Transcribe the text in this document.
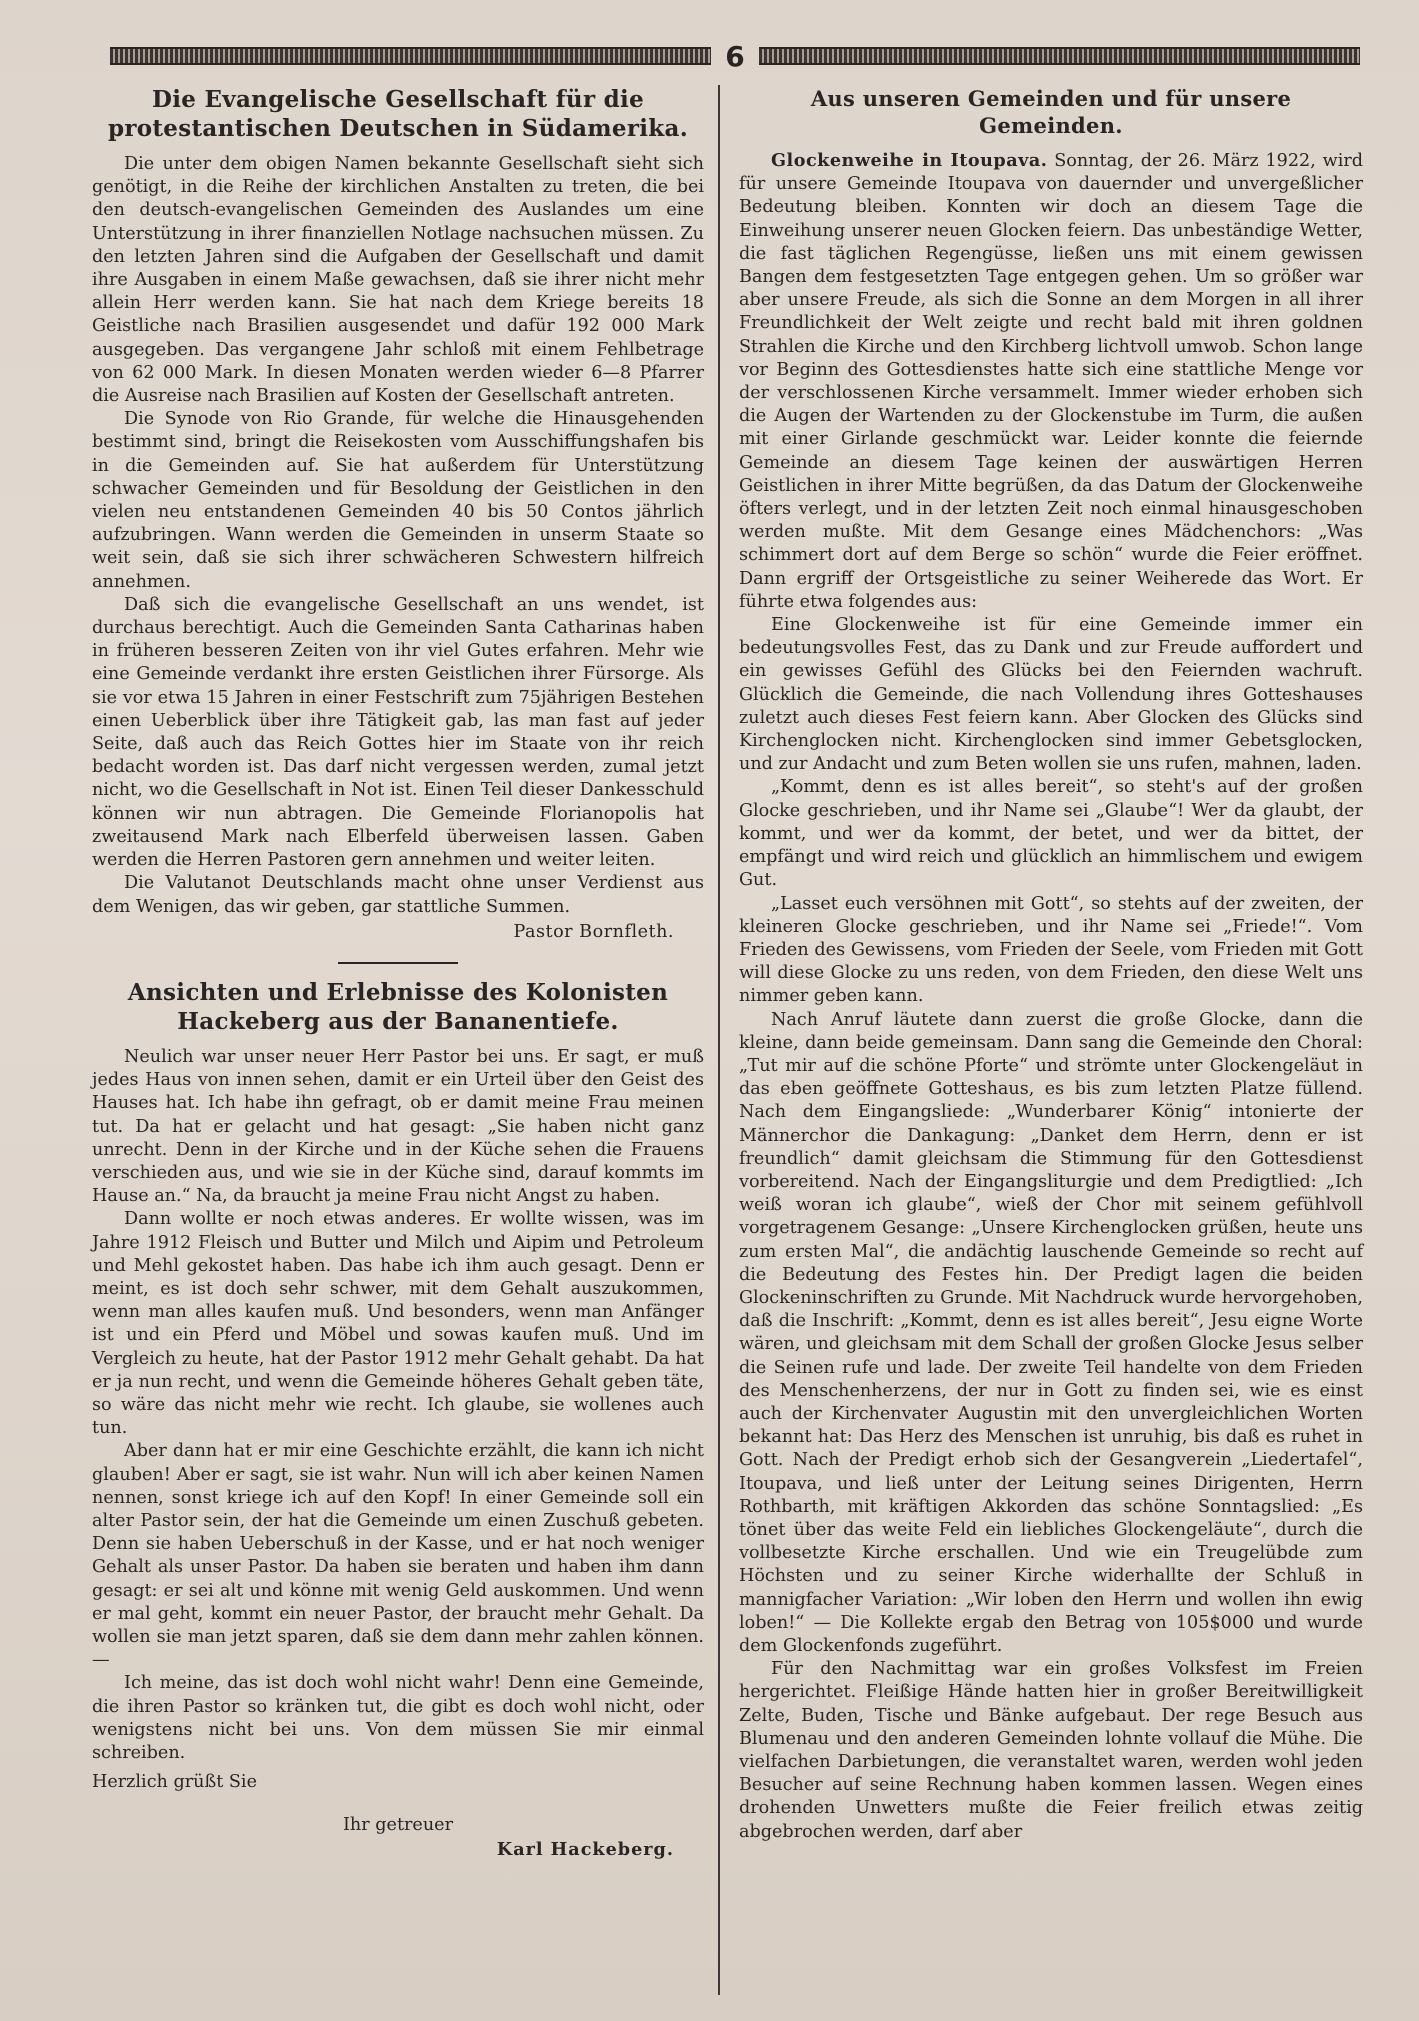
6
Die Evangelische Gesellschaft für die protestantischen Deutschen in Südamerika.

Die unter dem obigen Namen bekannte Gesellschaft sieht sich genötigt, in die Reihe der kirchlichen Anstalten zu treten, die bei den deutsch-evangelischen Gemeinden des Auslandes um eine Unterstützung in ihrer finanziellen Notlage nachsuchen müssen. Zu den letzten Jahren sind die Aufgaben der Gesellschaft und damit ihre Ausgaben in einem Maße gewachsen, daß sie ihrer nicht mehr allein Herr werden kann. Sie hat nach dem Kriege bereits 18 Geistliche nach Brasilien ausgesendet und dafür 192 000 Mark ausgegeben. Das vergangene Jahr schloß mit einem Fehlbetrage von 62 000 Mark. In diesen Monaten werden wieder 6—8 Pfarrer die Ausreise nach Brasilien auf Kosten der Gesellschaft antreten.

Die Synode von Rio Grande, für welche die Hinausgehenden bestimmt sind, bringt die Reisekosten vom Ausschiffungshafen bis in die Gemeinden auf. Sie hat außerdem für Unterstützung schwacher Gemeinden und für Besoldung der Geistlichen in den vielen neu entstandenen Gemeinden 40 bis 50 Contos jährlich aufzubringen. Wann werden die Gemeinden in unserm Staate so weit sein, daß sie sich ihrer schwächeren Schwestern hilfreich annehmen.

Daß sich die evangelische Gesellschaft an uns wendet, ist durchaus berechtigt. Auch die Gemeinden Santa Catharinas haben in früheren besseren Zeiten von ihr viel Gutes erfahren. Mehr wie eine Gemeinde verdankt ihre ersten Geistlichen ihrer Fürsorge. Als sie vor etwa 15 Jahren in einer Festschrift zum 75jährigen Bestehen einen Ueberblick über ihre Tätigkeit gab, las man fast auf jeder Seite, daß auch das Reich Gottes hier im Staate von ihr reich bedacht worden ist. Das darf nicht vergessen werden, zumal jetzt nicht, wo die Gesellschaft in Not ist. Einen Teil dieser Dankesschuld können wir nun abtragen. Die Gemeinde Florianopolis hat zweitausend Mark nach Elberfeld überweisen lassen. Gaben werden die Herren Pastoren gern annehmen und weiter leiten.

Die Valutanot Deutschlands macht ohne unser Verdienst aus dem Wenigen, das wir geben, gar stattliche Summen.

Pastor Bornfleth.
Ansichten und Erlebnisse des Kolonisten Hackeberg aus der Bananentiefe.

Neulich war unser neuer Herr Pastor bei uns. Er sagt, er muß jedes Haus von innen sehen, damit er ein Urteil über den Geist des Hauses hat. Ich habe ihn gefragt, ob er damit meine Frau meinen tut. Da hat er gelacht und hat gesagt: „Sie haben nicht ganz unrecht. Denn in der Kirche und in der Küche sehen die Frauens verschieden aus, und wie sie in der Küche sind, darauf kommts im Hause an.“ Na, da braucht ja meine Frau nicht Angst zu haben.

Dann wollte er noch etwas anderes. Er wollte wissen, was im Jahre 1912 Fleisch und Butter und Milch und Aipim und Petroleum und Mehl gekostet haben. Das habe ich ihm auch gesagt. Denn er meint, es ist doch sehr schwer, mit dem Gehalt auszukommen, wenn man alles kaufen muß. Und besonders, wenn man Anfänger ist und ein Pferd und Möbel und sowas kaufen muß. Und im Vergleich zu heute, hat der Pastor 1912 mehr Gehalt gehabt. Da hat er ja nun recht, und wenn die Gemeinde höheres Gehalt geben täte, so wäre das nicht mehr wie recht. Ich glaube, sie wollenes auch tun.

Aber dann hat er mir eine Geschichte erzählt, die kann ich nicht glauben! Aber er sagt, sie ist wahr. Nun will ich aber keinen Namen nennen, sonst kriege ich auf den Kopf! In einer Gemeinde soll ein alter Pastor sein, der hat die Gemeinde um einen Zuschuß gebeten. Denn sie haben Ueberschuß in der Kasse, und er hat noch weniger Gehalt als unser Pastor. Da haben sie beraten und haben ihm dann gesagt: er sei alt und könne mit wenig Geld auskommen. Und wenn er mal geht, kommt ein neuer Pastor, der braucht mehr Gehalt. Da wollen sie man jetzt sparen, daß sie dem dann mehr zahlen können. —

Ich meine, das ist doch wohl nicht wahr! Denn eine Gemeinde, die ihren Pastor so kränken tut, die gibt es doch wohl nicht, oder wenigstens nicht bei uns. Von dem müssen Sie mir einmal schreiben.

Herzlich grüßt Sie

Ihr getreuer
Karl Hackeberg.
Aus unseren Gemeinden und für unsere Gemeinden.

Glockenweihe in Itoupava. Sonntag, der 26. März 1922, wird für unsere Gemeinde Itoupava von dauernder und unvergeßlicher Bedeutung bleiben. Konnten wir doch an diesem Tage die Einweihung unserer neuen Glocken feiern. Das unbeständige Wetter, die fast täglichen Regengüsse, ließen uns mit einem gewissen Bangen dem festgesetzten Tage entgegen gehen. Um so größer war aber unsere Freude, als sich die Sonne an dem Morgen in all ihrer Freundlichkeit der Welt zeigte und recht bald mit ihren goldnen Strahlen die Kirche und den Kirchberg lichtvoll umwob. Schon lange vor Beginn des Gottesdienstes hatte sich eine stattliche Menge vor der verschlossenen Kirche versammelt. Immer wieder erhoben sich die Augen der Wartenden zu der Glockenstube im Turm, die außen mit einer Girlande geschmückt war. Leider konnte die feiernde Gemeinde an diesem Tage keinen der auswärtigen Herren Geistlichen in ihrer Mitte begrüßen, da das Datum der Glockenweihe öfters verlegt, und in der letzten Zeit noch einmal hinausgeschoben werden mußte. Mit dem Gesange eines Mädchenchors: „Was schimmert dort auf dem Berge so schön“ wurde die Feier eröffnet. Dann ergriff der Ortsgeistliche zu seiner Weiherede das Wort. Er führte etwa folgendes aus:

Eine Glockenweihe ist für eine Gemeinde immer ein bedeutungsvolles Fest, das zu Dank und zur Freude auffordert und ein gewisses Gefühl des Glücks bei den Feiernden wachruft. Glücklich die Gemeinde, die nach Vollendung ihres Gotteshauses zuletzt auch dieses Fest feiern kann. Aber Glocken des Glücks sind Kirchenglocken nicht. Kirchenglocken sind immer Gebetsglocken, und zur Andacht und zum Beten wollen sie uns rufen, mahnen, laden.

„Kommt, denn es ist alles bereit“, so steht's auf der großen Glocke geschrieben, und ihr Name sei „Glaube“! Wer da glaubt, der kommt, und wer da kommt, der betet, und wer da bittet, der empfängt und wird reich und glücklich an himmlischem und ewigem Gut.

„Lasset euch versöhnen mit Gott“, so stehts auf der zweiten, der kleineren Glocke geschrieben, und ihr Name sei „Friede!“. Vom Frieden des Gewissens, vom Frieden der Seele, vom Frieden mit Gott will diese Glocke zu uns reden, von dem Frieden, den diese Welt uns nimmer geben kann.

Nach Anruf läutete dann zuerst die große Glocke, dann die kleine, dann beide gemeinsam. Dann sang die Gemeinde den Choral: „Tut mir auf die schöne Pforte“ und strömte unter Glockengeläut in das eben geöffnete Gotteshaus, es bis zum letzten Platze füllend. Nach dem Eingangsliede: „Wunderbarer König“ intonierte der Männerchor die Dankagung: „Danket dem Herrn, denn er ist freundlich“ damit gleichsam die Stimmung für den Gottesdienst vorbereitend. Nach der Eingangsliturgie und dem Predigtlied: „Ich weiß woran ich glaube“, wieß der Chor mit seinem gefühlvoll vorgetragenem Gesange: „Unsere Kirchenglocken grüßen, heute uns zum ersten Mal“, die andächtig lauschende Gemeinde so recht auf die Bedeutung des Festes hin. Der Predigt lagen die beiden Glockeninschriften zu Grunde. Mit Nachdruck wurde hervorgehoben, daß die Inschrift: „Kommt, denn es ist alles bereit“, Jesu eigne Worte wären, und gleichsam mit dem Schall der großen Glocke Jesus selber die Seinen rufe und lade. Der zweite Teil handelte von dem Frieden des Menschenherzens, der nur in Gott zu finden sei, wie es einst auch der Kirchenvater Augustin mit den unvergleichlichen Worten bekannt hat: Das Herz des Menschen ist unruhig, bis daß es ruhet in Gott. Nach der Predigt erhob sich der Gesangverein „Liedertafel“, Itoupava, und ließ unter der Leitung seines Dirigenten, Herrn Rothbarth, mit kräftigen Akkorden das schöne Sonntagslied: „Es tönet über das weite Feld ein liebliches Glockengeläute“, durch die vollbesetzte Kirche erschallen. Und wie ein Treugelübde zum Höchsten und zu seiner Kirche widerhallte der Schluß in mannigfacher Variation: „Wir loben den Herrn und wollen ihn ewig loben!“ — Die Kollekte ergab den Betrag von 105$000 und wurde dem Glockenfonds zugeführt.

Für den Nachmittag war ein großes Volksfest im Freien hergerichtet. Fleißige Hände hatten hier in großer Bereitwilligkeit Zelte, Buden, Tische und Bänke aufgebaut. Der rege Besuch aus Blumenau und den anderen Gemeinden lohnte vollauf die Mühe. Die vielfachen Darbietungen, die veranstaltet waren, werden wohl jeden Besucher auf seine Rechnung haben kommen lassen. Wegen eines drohenden Unwetters mußte die Feier freilich etwas zeitig abgebrochen werden, darf aber
